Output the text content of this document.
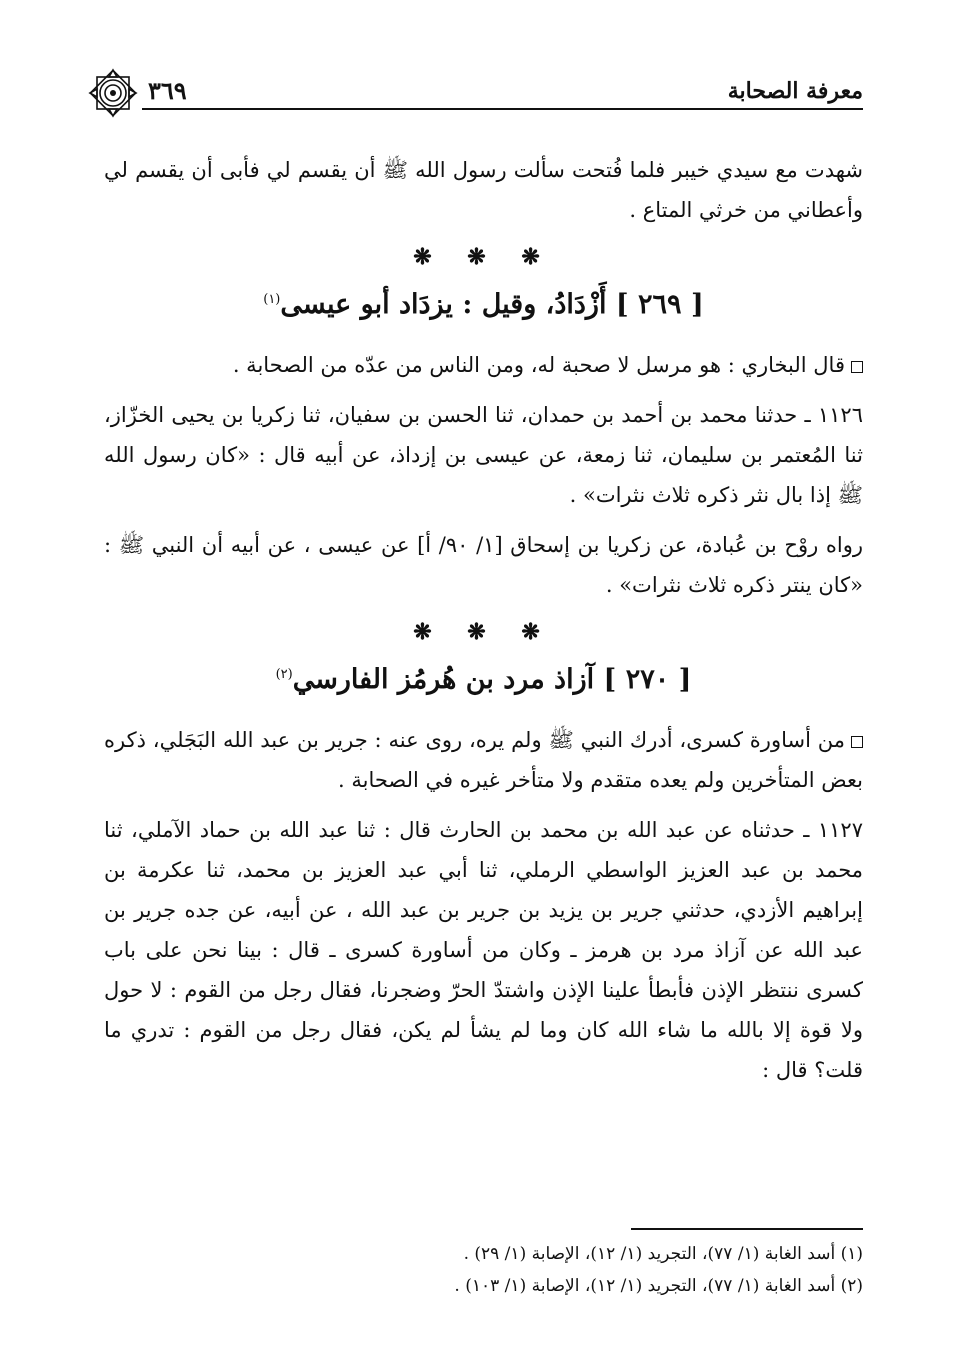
٣٦٩	معرفة الصحابة

شهدت مع سيدي خيبر فلما فُتحت سألت رسول الله ﷺ أن يقسم لي فأبى أن يقسم لي وأعطاني من خرثي المتاع .

❋ ❋ ❋
[ ٢٦٩ ] أَزْدَادُ، وقيل : يزدَاد أبو عيسى$^{(١)}$

قال البخاري : هو مرسل لا صحبة له، ومن الناس من عدّه من الصحابة .

١١٢٦ ـ حدثنا محمد بن أحمد بن حمدان، ثنا الحسن بن سفيان، ثنا زكريا بن يحيى الخزّاز، ثنا المُعتمر بن سليمان، ثنا زمعة، عن عيسى بن إزداذ، عن أبيه قال : «كان رسول الله ﷺ إذا بال نثر ذكره ثلاث نثرات» .

رواه روْح بن عُبادة، عن زكريا بن إسحاق [١/ ٩٠/ أ] عن عيسى ، عن أبيه أن النبي ﷺ : «كان ينتر ذكره ثلاث نثرات» .

❋ ❋ ❋
[ ٢٧٠ ] آزاذ مرد بن هُرمُز الفارسي$^{(٢)}$

من أساورة كسرى، أدرك النبي ﷺ ولم يره، روى عنه : جرير بن عبد الله البَجَلي، ذكره بعض المتأخرين ولم يعده متقدم ولا متأخر غيره في الصحابة .

١١٢٧ ـ حدثناه عن عبد الله بن محمد بن الحارث قال : ثنا عبد الله بن حماد الآملي، ثنا محمد بن عبد العزيز الواسطي الرملي، ثنا أبي عبد العزيز بن محمد، ثنا عكرمة بن إبراهيم الأزدي، حدثني جرير بن يزيد بن جرير بن عبد الله ، عن أبيه، عن جده جرير بن عبد الله عن آزاذ مرد بن هرمز ـ وكان من أساورة كسرى ـ قال : بينا نحن على باب كسرى ننتظر الإذن فأبطأ علينا الإذن واشتدّ الحرّ وضجرنا، فقال رجل من القوم : لا حول ولا قوة إلا بالله ما شاء الله كان وما لم يشأ لم يكن، فقال رجل من القوم : تدري ما قلت؟ قال :

(١) أسد الغابة (١/ ٧٧)، التجريد (١/ ١٢)، الإصابة (١/ ٢٩) .

(٢) أسد الغابة (١/ ٧٧)، التجريد (١/ ١٢)، الإصابة (١/ ١٠٣) .
